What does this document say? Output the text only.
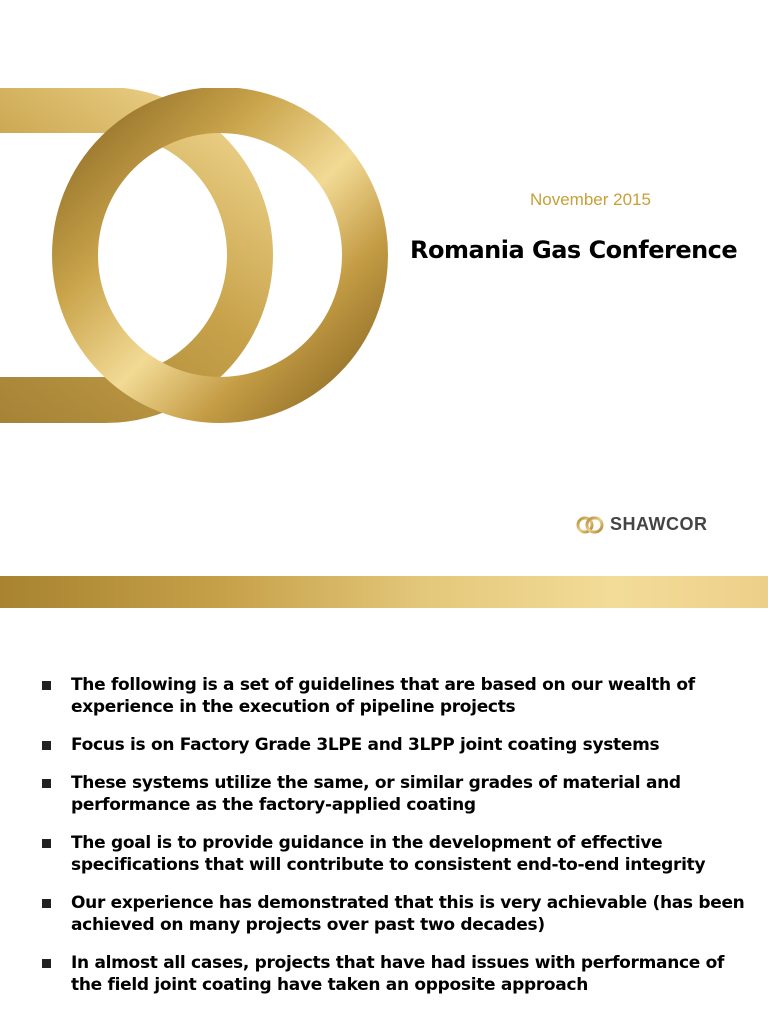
November 2015
Romania Gas Conference
SHAWCOR
The following is a set of guidelines that are based on our wealth of experience in the execution of pipeline projects
Focus is on Factory Grade 3LPE and 3LPP joint coating systems
These systems utilize the same, or similar grades of material and performance as the factory-applied coating
The goal is to provide guidance in the development of effective specifications that will contribute to consistent end-to-end integrity
Our experience has demonstrated that this is very achievable (has been achieved on many projects over past two decades)
In almost all cases, projects that have had issues with performance of the field joint coating have taken an opposite approach
